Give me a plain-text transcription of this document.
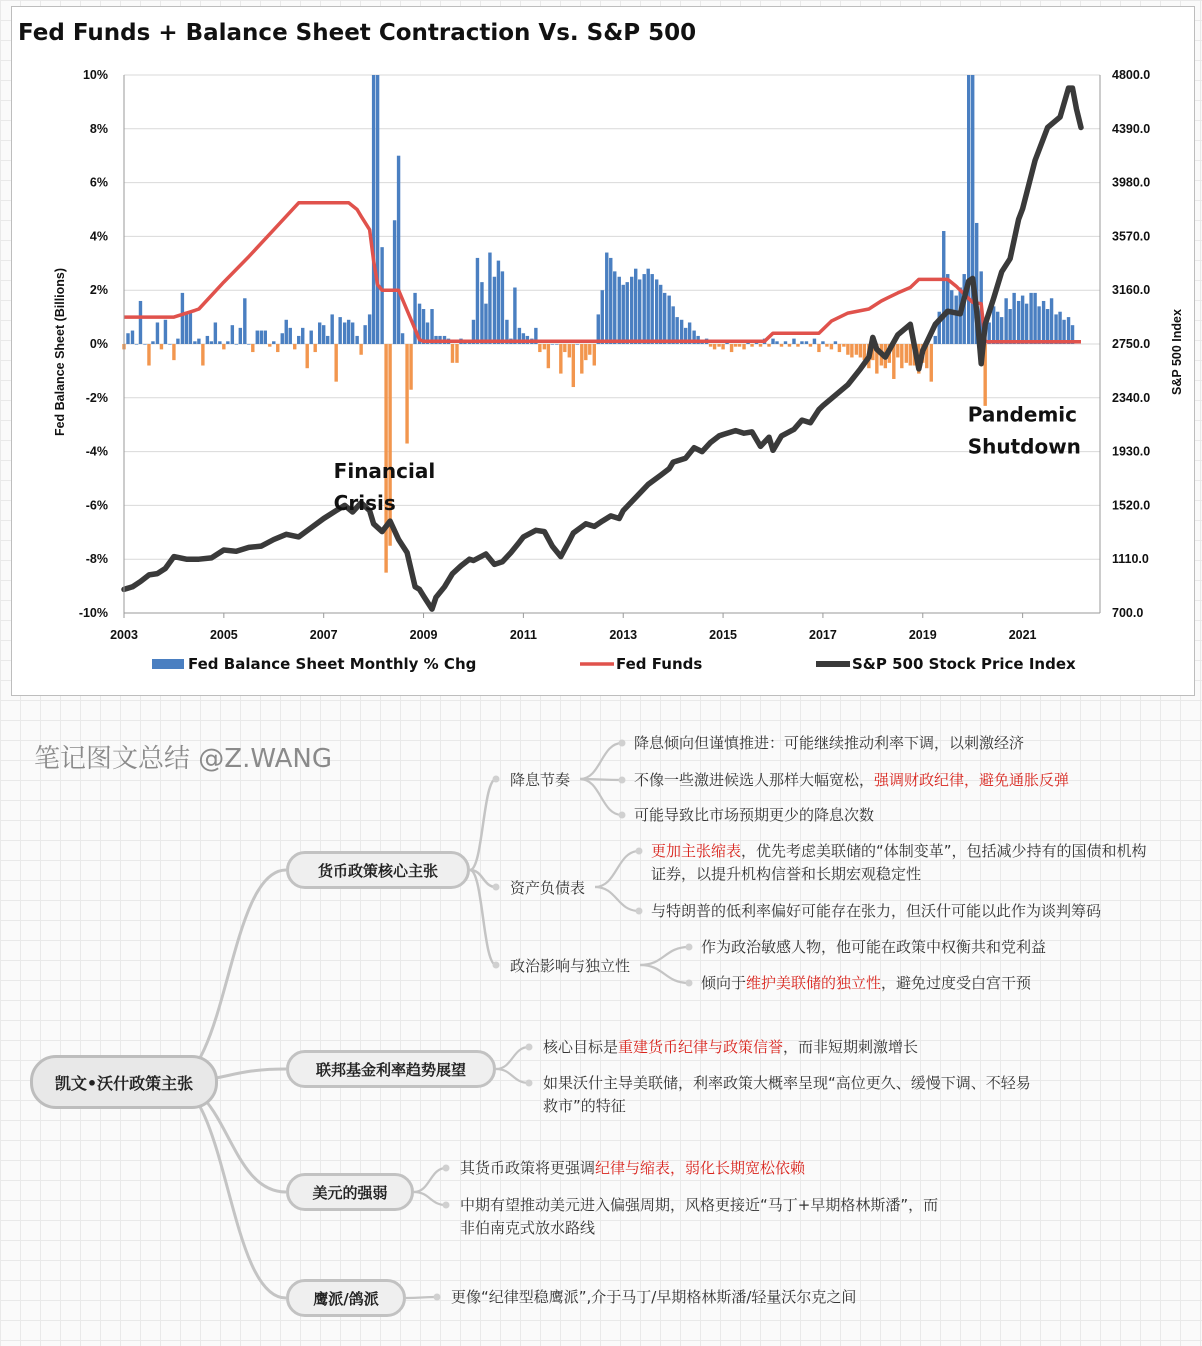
Fed Funds + Balance Sheet Contraction Vs. S&P 500
10%	4800.0
8%	4390.0
6%	3980.0
4%	3570.0
2%	3160.0
0%	2750.0
-2%	2340.0
-4%	1930.0
-6%	1520.0
-8%	1110.0
-10%	700.0
2003	2005	2007	2009	2011	2013	2015	2017	2019	2021
Fed Balance Sheet (Billions)	S&P 500 Index
Financial
Crisis
Pandemic
Shutdown
Fed Balance Sheet Monthly % Chg	Fed Funds	S&P 500 Stock Price Index
笔记图文总结 @Z.WANG
凯文•沃什政策主张
货币政策核心主张
联邦基金利率趋势展望
美元的强弱
鹰派/鸽派
降息节奏
降息倾向但谨慎推进：可能继续推动利率下调，以刺激经济
不像一些激进候选人那样大幅宽松，强调财政纪律，避免通胀反弹
可能导致比市场预期更少的降息次数
资产负债表
更加主张缩表，优先考虑美联储的“体制变革”，包括减少持有的国债和机构证券，以提升机构信誉和长期宏观稳定性
与特朗普的低利率偏好可能存在张力，但沃什可能以此作为谈判筹码
政治影响与独立性
作为政治敏感人物，他可能在政策中权衡共和党利益
倾向于维护美联储的独立性，避免过度受白宫干预
核心目标是重建货币纪律与政策信誉，而非短期刺激增长
如果沃什主导美联储，利率政策大概率呈现“高位更久、缓慢下调、不轻易救市”的特征
其货币政策将更强调纪律与缩表，弱化长期宽松依赖
中期有望推动美元进入偏强周期，风格更接近“马丁+早期格林斯潘”，而非伯南克式放水路线
更像“纪律型稳鹰派”,介于马丁/早期格林斯潘/轻量沃尔克之间
